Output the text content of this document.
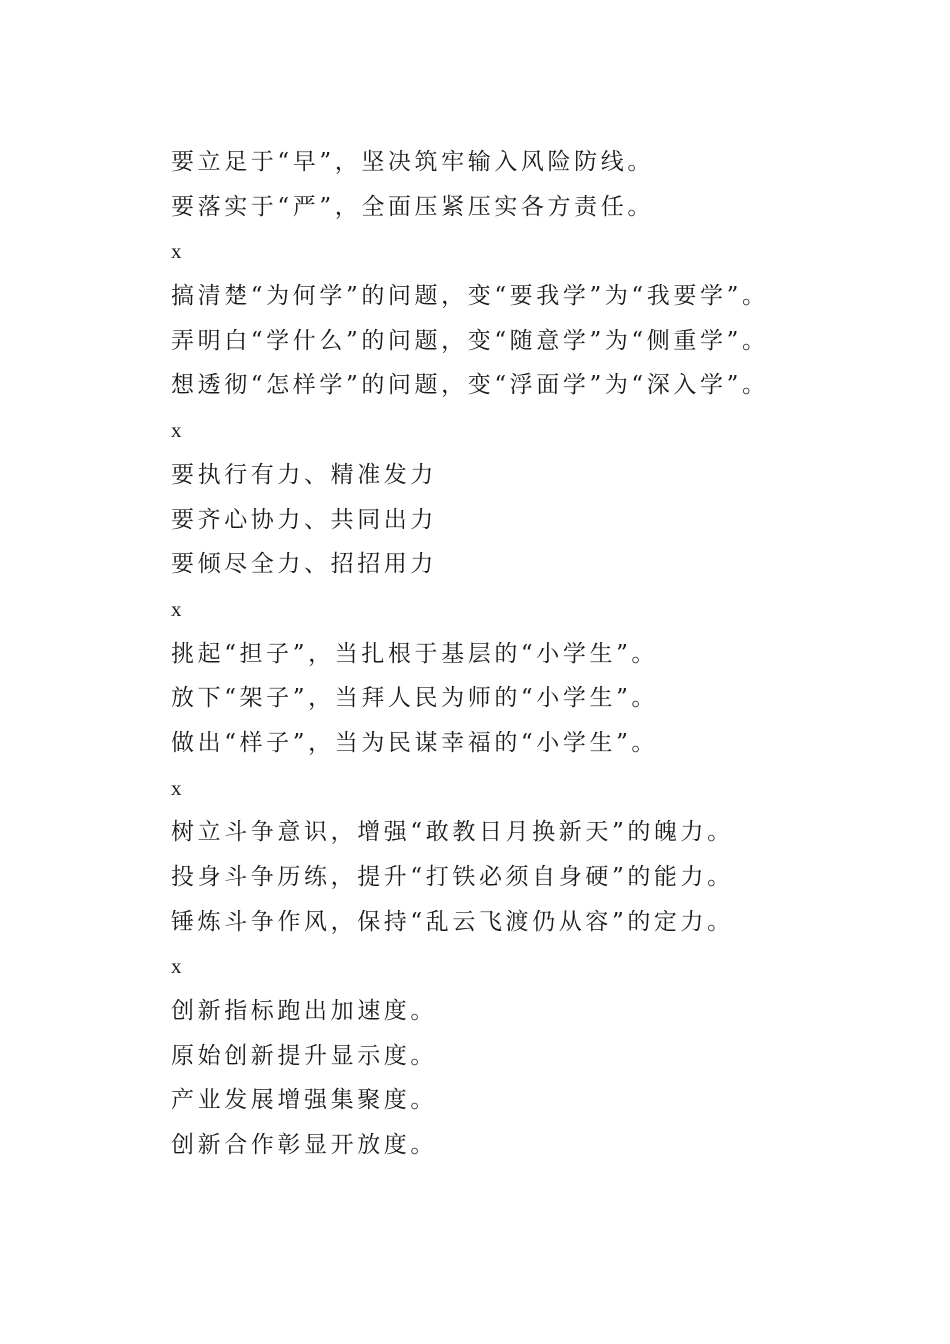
要立足于“早”，坚决筑牢输入风险防线。
要落实于“严”，全面压紧压实各方责任。
x
搞清楚“为何学”的问题，变“要我学”为“我要学”。
弄明白“学什么”的问题，变“随意学”为“侧重学”。
想透彻“怎样学”的问题，变“浮面学”为“深入学”。
x
要执行有力、精准发力
要齐心协力、共同出力
要倾尽全力、招招用力
x
挑起“担子”，当扎根于基层的“小学生”。
放下“架子”，当拜人民为师的“小学生”。
做出“样子”，当为民谋幸福的“小学生”。
x
树立斗争意识，增强“敢教日月换新天”的魄力。
投身斗争历练，提升“打铁必须自身硬”的能力。
锤炼斗争作风，保持“乱云飞渡仍从容”的定力。
x
创新指标跑出加速度。
原始创新提升显示度。
产业发展增强集聚度。
创新合作彰显开放度。
